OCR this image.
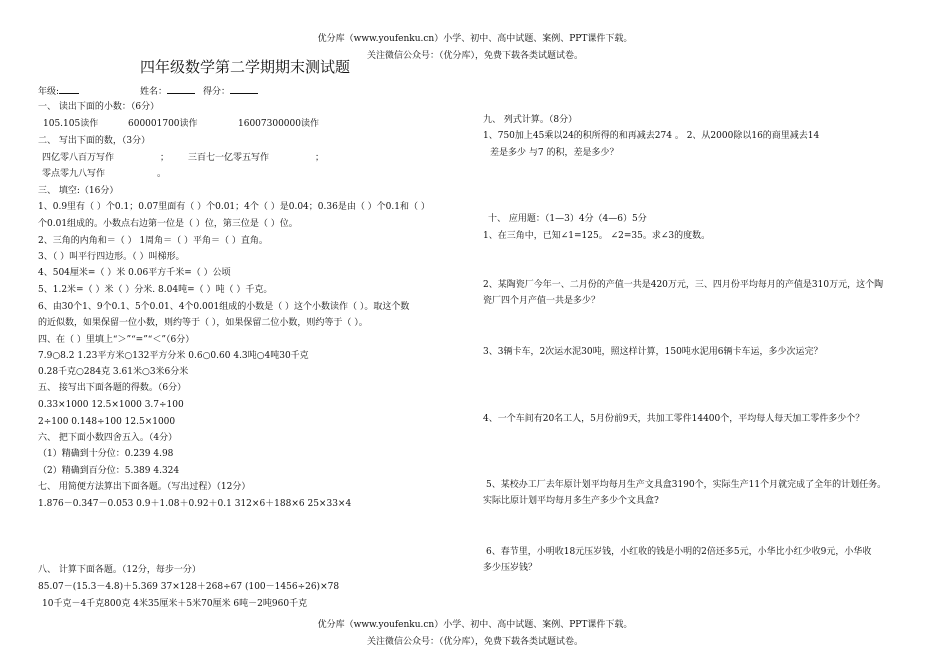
优分库（www.youfenku.cn）小学、初中、高中试题、案例、PPT课件下载。
关注微信公众号：（优分库），免费下载各类试题试卷。
四年级数学第二学期期末测试题
年级:	姓名：	得分：
一、 读出下面的小数：（6分）
105.105读作	600001700读作	16007300000读作
二、 写出下面的数，（3分）
四亿零八百万写作	； 三百七一亿零五写作	；
零点零九八写作	。
三、 填空:（16分）
1、0.9里有（ ）个0.1；0.07里面有（ ）个0.01；4个（ ）是0.04；0.36是由（ ）个0.1和（ ）
个0.01组成的。小数点右边第一位是（ ）位，第三位是（ ）位。
2、三角的内角和＝（ ） 1周角＝（ ）平角＝（ ）直角。
3、（ ）叫平行四边形。（ ）叫梯形。
4、504厘米=（ ）米 0.06平方千米=（ ）公顷
5、1.2米=（ ）米（ ）分米. 8.04吨=（ ）吨（ ）千克。
6、由30个1、9个0.1、5个0.01、4个0.001组成的小数是（ ）这个小数读作（ ）。取这个数
的近似数，如果保留一位小数，则约等于（ ），如果保留二位小数，则约等于（ ）。
四、在（ ）里填上“＞”“=”“＜”（6分）
7.9○8.2 1.23平方米○132平方分米 0.6○0.60 4.3吨○4吨30千克
0.28千克○284克 3.61米○3米6分米
五、 接写出下面各题的得数。（6分）
0.33×1000 12.5×1000 3.7÷100
2÷100 0.148÷100 12.5×1000
六、 把下面小数四舍五入。（4分）
（1）精确到十分位：0.239 4.98
（2）精确到百分位：5.389 4.324
七、 用简便方法算出下面各题。（写出过程）（12分）
1.876－0.347－0.053 0.9＋1.08＋0.92＋0.1 312×6＋188×6 25×33×4
八、 计算下面各题。（12分，每步一分）
85.07－(15.3－4.8)＋5.369 37×128＋268÷67 (100－1456÷26)×78
10千克－4千克800克 4米35厘米＋5米70厘米 6吨－2吨960千克
九、 列式计算。（8分）
1、750加上45乘以24的积所得的和再减去274 。 2、从2000除以16的商里减去14
差是多少 与7 的积，差是多少？
十、 应用题：（1—3）4分（4—6）5分
1、在三角中，已知∠1=125。 ∠2=35。求∠3的度数。
2、某陶瓷厂今年一、二月份的产值一共是420万元，三、四月份平均每月的产值是310万元，这个陶
瓷厂四个月产值一共是多少？
3、3辆卡车，2次运水泥30吨，照这样计算，150吨水泥用6辆卡车运，多少次运完？
4、一个车间有20名工人，5月份前9天，共加工零件14400个，平均每人每天加工零件多少个？
5、某校办工厂去年原计划平均每月生产文具盒3190个，实际生产11个月就完成了全年的计划任务。
实际比原计划平均每月多生产多少个文具盒?
6、春节里，小明收18元压岁钱，小红收的钱是小明的2倍还多5元，小华比小红少收9元，小华收
多少压岁钱？
优分库（www.youfenku.cn）小学、初中、高中试题、案例、PPT课件下载。
关注微信公众号：（优分库），免费下载各类试题试卷。
